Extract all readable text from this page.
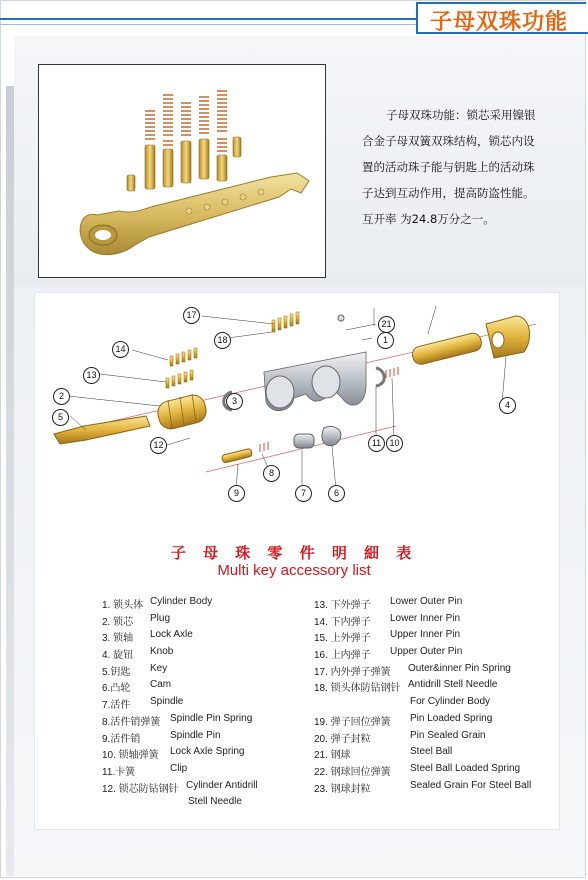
子母双珠功能

子母双珠功能：锁芯采用镍银

合金子母双簧双珠结构，锁芯内设

置的活动珠子能与钥匙上的活动珠

子达到互动作用，提高防盗性能。

互开率 为24.8万分之一。

17
18
21
1
14
13
2
5
12
3
11 10
4
8
9	7	6
子 母 珠 零 件 明 細 表
Multi key accessory list
1. 锁头体 Cylinder Body
2. 锁芯 Plug
3. 锁轴 Lock Axle
4. 旋钮 Knob
5.钥匙 Key
6.凸轮 Cam
7.活件 Spindle
8.活件销弹簧 Spindle Pin Spring
9.活件销	Spindle Pin
10. 锁轴弹簧 Lock Axle Spring
11.卡簧	Clip
12. 锁芯防钻钢针 Cylinder Antidrill
Stell Needle
13. 下外弹子 Lower Outer Pin
14. 下内弹子 Lower Inner Pin
15. 上外弹子 Upper Inner Pin
16. 上内弹子 Upper Outer Pin
17. 内外弹子弹簧 Outer&inner Pin Spring
18. 锁头体防钻钢针 Antidrill Stell Needle
For Cylinder Body
19. 弹子回位弹簧 Pin Loaded Spring
20. 弹子封粒	Pin Sealed Grain
21. 钢球	Steel Ball
22. 钢球回位弹簧 Steel Ball Loaded Spring
23. 钢球封粒	Sealed Grain For Steel Ball
